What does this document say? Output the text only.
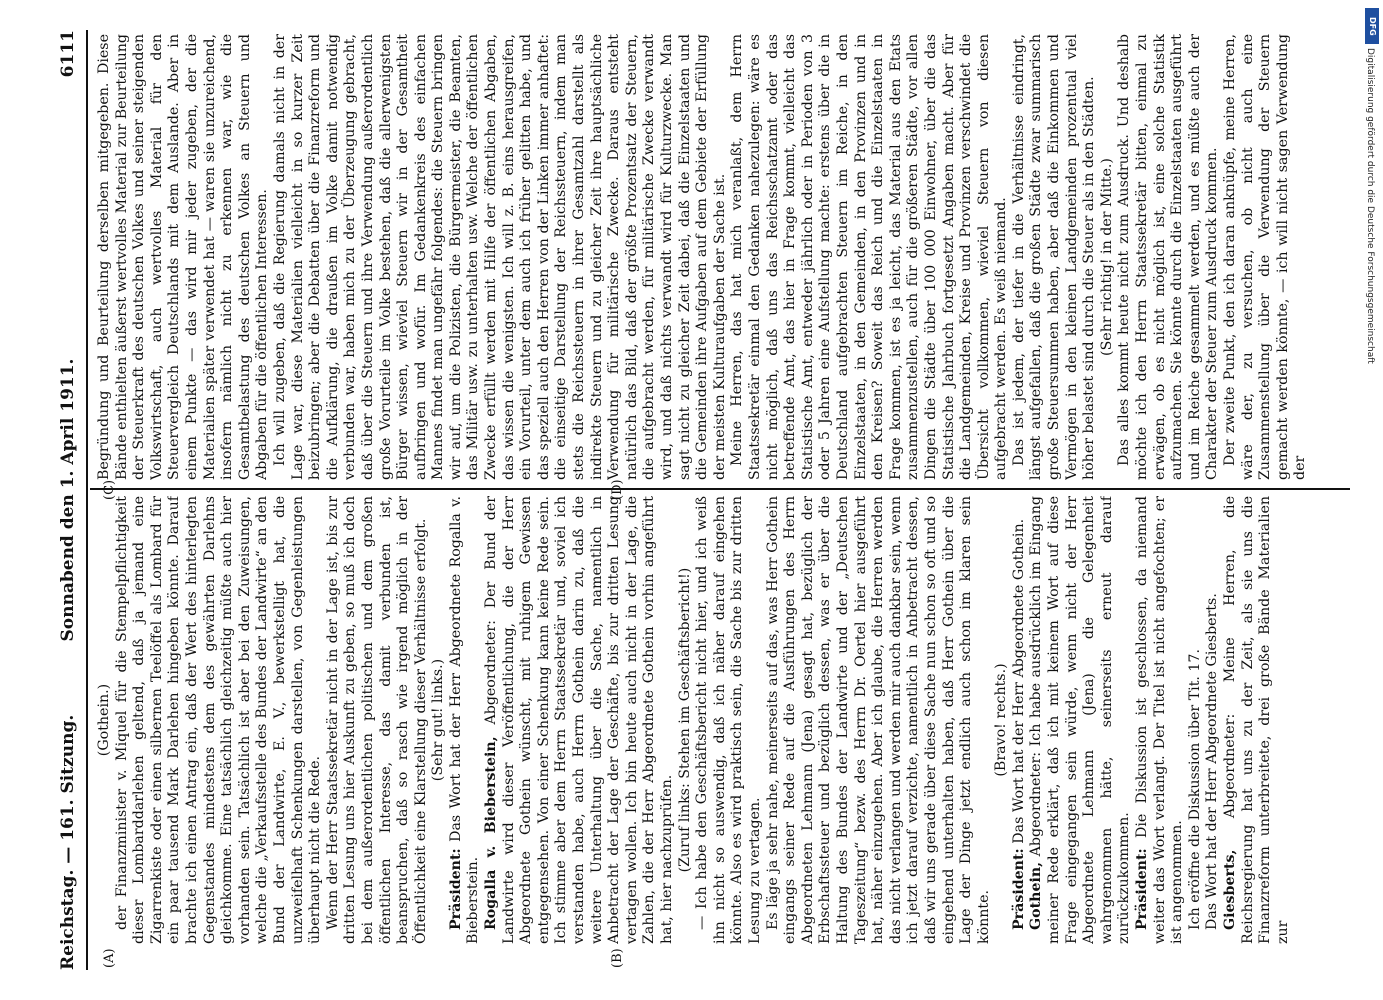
Reichstag. — 161. Sitzung.
Sonnabend den 1. April 1911.
6111
(A)	(B)
(C)	(D)

(Gothein.) der Finanzminister v. Miquel für die Stempelpflichtigkeit dieser Lombarddarlehen geltend, daß ja jemand eine Zigarrenkiste oder einen silbernen Teelöffel als Lombard für ein paar tausend Mark Darlehen hingeben könnte. Darauf brachte ich einen Antrag ein, daß der Wert des hinterlegten Gegenstandes mindestens dem des gewährten Darlehns gleichkomme. Eine tatsächlich gleichzeitig müßte auch hier vorhanden sein. Tatsächlich ist aber bei den Zuweisungen, welche die „Verkaufsstelle des Bundes der Landwirte“ an den Bund der Landwirte, E. V., bewerkstelligt hat, die unzweifelhaft Schenkungen darstellen, von Gegenleistungen überhaupt nicht die Rede. Wenn der Herr Staatssekretär nicht in der Lage ist, bis zur dritten Lesung uns hier Auskunft zu geben, so muß ich doch bei dem außerordentlichen politischen und dem großen öffentlichen Interesse, das damit verbunden ist, beanspruchen, daß so rasch wie irgend möglich in der Öffentlichkeit eine Klarstellung dieser Verhältnisse erfolgt. (Sehr gut! links.)

Präsident: Das Wort hat der Herr Abgeordnete Rogalla v. Bieberstein. Rogalla v. Bieberstein, Abgeordneter: Der Bund der Landwirte wird dieser Veröffentlichung, die der Herr Abgeordnete Gothein wünscht, mit ruhigem Gewissen entgegensehen. Von einer Schenkung kann keine Rede sein. Ich stimme aber dem Herrn Staatssekretär und, soviel ich verstanden habe, auch Herrn Gothein darin zu, daß die weitere Unterhaltung über die Sache, namentlich in Anbetracht der Lage der Geschäfte, bis zur dritten Lesung vertagen wollen. Ich bin heute auch nicht in der Lage, die Zahlen, die der Herr Abgeordnete Gothein vorhin angeführt hat, hier nachzuprüfen. (Zuruf links: Stehen im Geschäftsbericht!) — Ich habe den Geschäftsbericht nicht hier, und ich weiß ihn nicht so auswendig, daß ich näher darauf eingehen könnte. Also es wird praktisch sein, die Sache bis zur dritten Lesung zu vertagen. Es läge ja sehr nahe, meinerseits auf das, was Herr Gothein eingangs seiner Rede auf die Ausführungen des Herrn Abgeordneten Lehmann (Jena) gesagt hat, bezüglich der Erbschaftssteuer und bezüglich dessen, was er über die Haltung des Bundes der Landwirte und der „Deutschen Tageszeitung“ bezw. des Herrn Dr. Oertel hier ausgeführt hat, näher einzugehen. Aber ich glaube, die Herren werden das nicht verlangen und werden mir auch dankbar sein, wenn ich jetzt darauf verzichte, namentlich in Anbetracht dessen, daß wir uns gerade über diese Sache nun schon so oft und so eingehend unterhalten haben, daß Herr Gothein über die Lage der Dinge jetzt endlich auch schon im klaren sein könnte.

(Bravo! rechts.)

Präsident: Das Wort hat der Herr Abgeordnete Gothein.

Gothein, Abgeordneter: Ich habe ausdrücklich im Eingang meiner Rede erklärt, daß ich mit keinem Wort auf diese Frage eingegangen sein würde, wenn nicht der Herr Abgeordnete Lehmann (Jena) die Gelegenheit wahrgenommen hätte, seinerseits erneut darauf zurückzukommen. Präsident: Die Diskussion ist geschlossen, da niemand weiter das Wort verlangt. Der Titel ist nicht angefochten; er ist angenommen. Ich eröffne die Diskussion über Tit. 17. Das Wort hat der Herr Abgeordnete Giesberts. Giesberts, Abgeordneter: Meine Herren, die Reichsregierung hat uns zu der Zeit, als sie uns die Finanzreform unterbreitete, drei große Bände Materialien zur

Begründung und Beurteilung derselben mitgegeben. Diese Bände enthielten äußerst wertvolles Material zur Beurteilung der Steuerkraft des deutschen Volkes und seiner steigenden Volkswirtschaft, auch wertvolles Material für den Steuervergleich Deutschlands mit dem Auslande. Aber in einem Punkte — das wird mir jeder zugeben, der die Materialien später verwendet hat — waren sie unzureichend, insofern nämlich nicht zu erkennen war, wie die Gesamtbelastung des deutschen Volkes an Steuern und Abgaben für die öffentlichen Interessen. Ich will zugeben, daß die Regierung damals nicht in der Lage war, diese Materialien vielleicht in so kurzer Zeit beizubringen; aber die Debatten über die Finanzreform und die Aufklärung, die draußen im Volke damit notwendig verbunden war, haben mich zu der Überzeugung gebracht, daß über die Steuern und ihre Verwendung außerordentlich große Vorurteile im Volke bestehen, daß die allerwenigsten Bürger wissen, wieviel Steuern wir in der Gesamtheit aufbringen und wofür. Im Gedankenkreis des einfachen Mannes findet man ungefähr folgendes: die Steuern bringen wir auf, um die Polizisten, die Bürgermeister, die Beamten, das Militär usw. zu unterhalten usw. Welche der öffentlichen Zwecke erfüllt werden mit Hilfe der öffentlichen Abgaben, das wissen die wenigsten. Ich will z. B. eins herausgreifen, ein Vorurteil, unter dem auch ich früher gelitten habe, und das speziell auch den Herren von der Linken immer anhaftet: die einseitige Darstellung der Reichssteuern, indem man stets die Reichssteuern in ihrer Gesamtzahl darstellt als indirekte Steuern und zu gleicher Zeit ihre hauptsächliche Verwendung für militärische Zwecke. Daraus entsteht natürlich das Bild, daß der größte Prozentsatz der Steuern, die aufgebracht werden, für militärische Zwecke verwandt wird, und daß nichts verwandt wird für Kulturzwecke. Man sagt nicht zu gleicher Zeit dabei, daß die Einzelstaaten und die Gemeinden ihre Aufgaben auf dem Gebiete der Erfüllung der meisten Kulturaufgaben der Sache ist. Meine Herren, das hat mich veranlaßt, dem Herrn Staatssekretär einmal den Gedanken nahezulegen: wäre es nicht möglich, daß uns das Reichsschatzamt oder das betreffende Amt, das hier in Frage kommt, vielleicht das Statistische Amt, entweder jährlich oder in Perioden von 3 oder 5 Jahren eine Aufstellung machte: erstens über die in Deutschland aufgebrachten Steuern im Reiche, in den Einzelstaaten, in den Gemeinden, in den Provinzen und in den Kreisen? Soweit das Reich und die Einzelstaaten in Frage kommen, ist es ja leicht, das Material aus den Etats zusammenzustellen, auch für die größeren Städte, vor allen Dingen die Städte über 100 000 Einwohner, über die das Statistische Jahrbuch fortgesetzt Angaben macht. Aber für die Landgemeinden, Kreise und Provinzen verschwindet die Übersicht vollkommen, wieviel Steuern von diesen aufgebracht werden. Es weiß niemand. Das ist jedem, der tiefer in die Verhältnisse eindringt, längst aufgefallen, daß die großen Städte zwar summarisch große Steuersummen haben, aber daß die Einkommen und Vermögen in den kleinen Landgemeinden prozentual viel höher belastet sind durch die Steuer als in den Städten. (Sehr richtig! in der Mitte.) Das alles kommt heute nicht zum Ausdruck. Und deshalb möchte ich den Herrn Staatssekretär bitten, einmal zu erwägen, ob es nicht möglich ist, eine solche Statistik aufzumachen. Sie könnte durch die Einzelstaaten ausgeführt und im Reiche gesammelt werden, und es müßte auch der Charakter der Steuer zum Ausdruck kommen. Der zweite Punkt, den ich daran anknüpfe, meine Herren, wäre der, zu versuchen, ob nicht auch eine Zusammenstellung über die Verwendung der Steuern gemacht werden könnte, — ich will nicht sagen Verwendung der

DFG
Digitalisierung gefördert durch die Deutsche Forschungsgemeinschaft
